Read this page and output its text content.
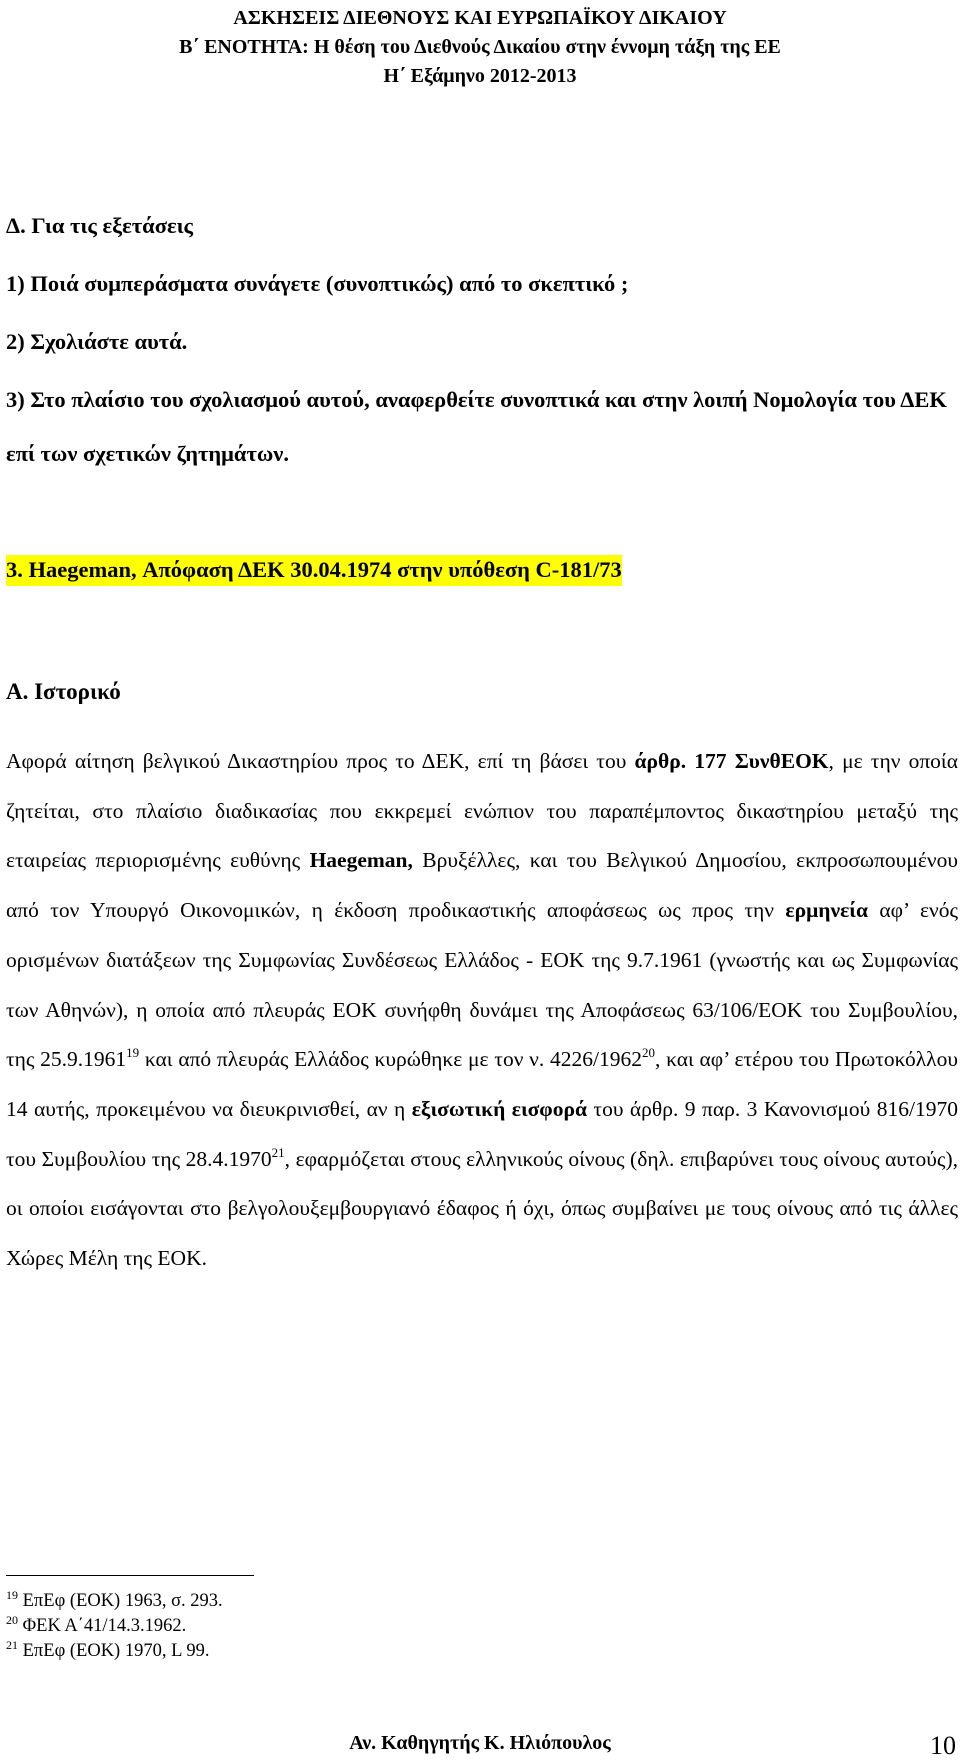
ΑΣΚΗΣΕΙΣ ΔΙΕΘΝΟΥΣ ΚΑΙ ΕΥΡΩΠΑΪΚΟΥ ΔΙΚΑΙΟΥ
Β΄ ΕΝΟΤΗΤΑ: Η θέση του Διεθνούς Δικαίου στην έννομη τάξη της ΕΕ
Η΄ Εξάμηνο 2012-2013

Δ. Για τις εξετάσεις

1) Ποιά συμπεράσματα συνάγετε (συνοπτικώς) από το σκεπτικό ;

2) Σχολιάστε αυτά.

3) Στο πλαίσιο του σχολιασμού αυτού, αναφερθείτε συνοπτικά και στην λοιπή Νομολογία του ΔΕΚ επί των σχετικών ζητημάτων.

3. Haegeman, Απόφαση ΔΕΚ 30.04.1974 στην υπόθεση C-181/73
Α. Ιστορικό

Αφορά αίτηση βελγικού Δικαστηρίου προς το ΔΕΚ, επί τη βάσει του άρθρ. 177 ΣυνθΕΟΚ, με την οποία ζητείται, στο πλαίσιο διαδικασίας που εκκρεμεί ενώπιον του παραπέμποντος δικαστηρίου μεταξύ της εταιρείας περιορισμένης ευθύνης Haegeman, Βρυξέλλες, και του Βελγικού Δημοσίου, εκπροσωπουμένου από τον Υπουργό Οικονομικών, η έκδοση προδικαστικής αποφάσεως ως προς την ερμηνεία αφ’ ενός ορισμένων διατάξεων της Συμφωνίας Συνδέσεως Ελλάδος - ΕΟΚ της 9.7.1961 (γνωστής και ως Συμφωνίας των Αθηνών), η οποία από πλευράς ΕΟΚ συνήφθη δυνάμει της Αποφάσεως 63/106/ΕΟΚ του Συμβουλίου, της 25.9.1961$^{19}$ και από πλευράς Ελλάδος κυρώθηκε με τον ν. 4226/1962$^{20}$, και αφ’ ετέρου του Πρωτοκόλλου 14 αυτής, προκειμένου να διευκρινισθεί, αν η εξισωτική εισφορά του άρθρ. 9 παρ. 3 Κανονισμού 816/1970 του Συμβουλίου της 28.4.1970$^{21}$, εφαρμόζεται στους ελληνικούς οίνους (δηλ. επιβαρύνει τους οίνους αυτούς), οι οποίοι εισάγονται στο βελγολουξεμβουργιανό έδαφος ή όχι, όπως συμβαίνει με τους οίνους από τις άλλες Χώρες Μέλη της ΕΟΚ.

$^{19}$ ΕπΕφ (ΕΟΚ) 1963, σ. 293.
$^{20}$ ΦΕΚ Α΄41/14.3.1962.
$^{21}$ ΕπΕφ (ΕΟΚ) 1970, L 99.
Αν. Καθηγητής Κ. Ηλιόπουλος	10
